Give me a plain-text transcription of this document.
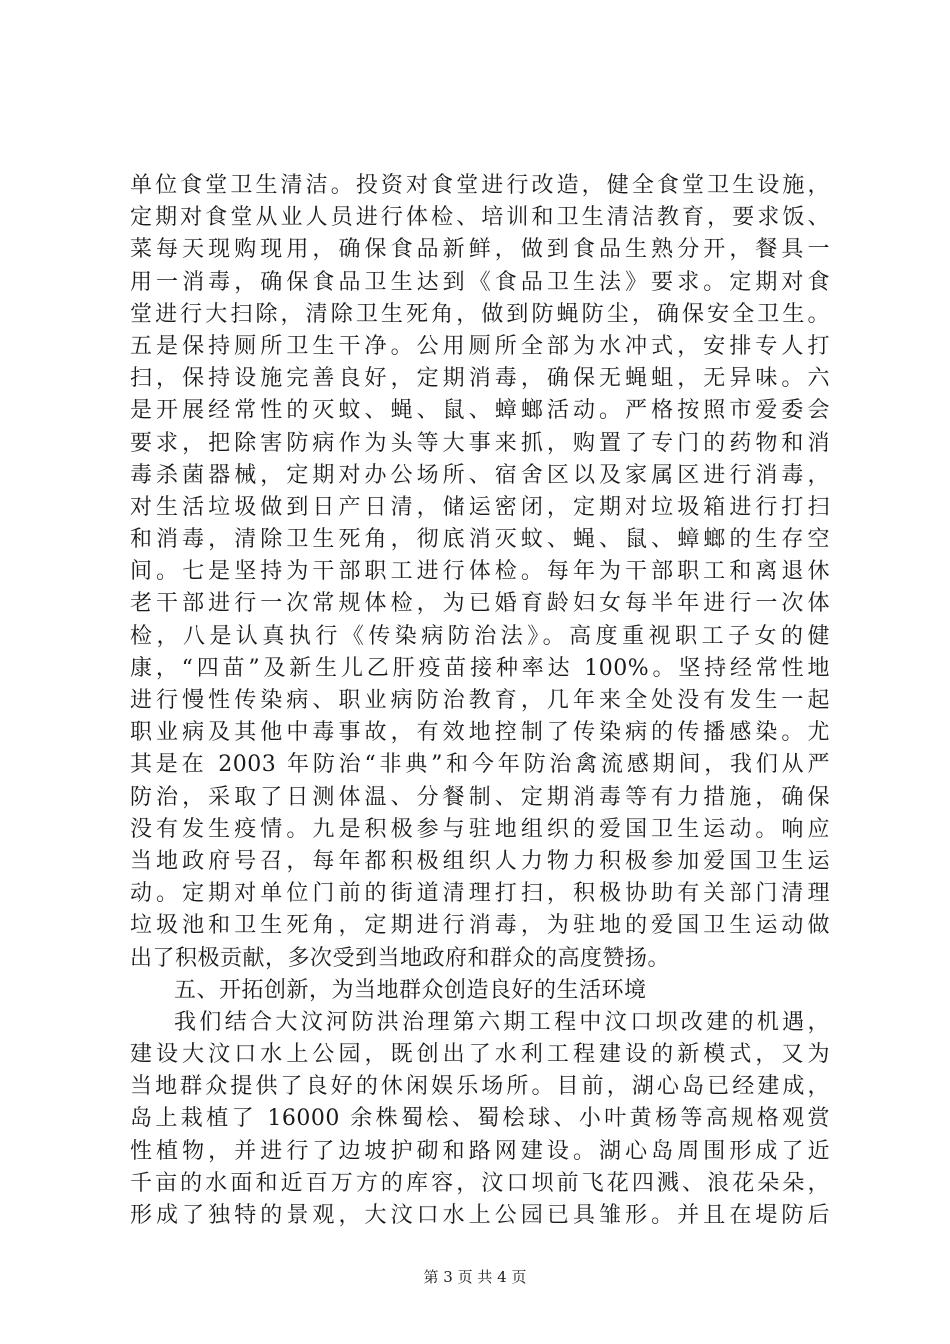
单位食堂卫生清洁。投资对食堂进行改造，健全食堂卫生设施，
定期对食堂从业人员进行体检、培训和卫生清洁教育，要求饭、
菜每天现购现用，确保食品新鲜，做到食品生熟分开，餐具一
用一消毒，确保食品卫生达到《食品卫生法》要求。定期对食
堂进行大扫除，清除卫生死角，做到防蝇防尘，确保安全卫生。
五是保持厕所卫生干净。公用厕所全部为水冲式，安排专人打
扫，保持设施完善良好，定期消毒，确保无蝇蛆，无异味。六
是开展经常性的灭蚊、蝇、鼠、蟑螂活动。严格按照市爱委会
要求，把除害防病作为头等大事来抓，购置了专门的药物和消
毒杀菌器械，定期对办公场所、宿舍区以及家属区进行消毒，
对生活垃圾做到日产日清，储运密闭，定期对垃圾箱进行打扫
和消毒，清除卫生死角，彻底消灭蚊、蝇、鼠、蟑螂的生存空
间。七是坚持为干部职工进行体检。每年为干部职工和离退休
老干部进行一次常规体检，为已婚育龄妇女每半年进行一次体
检，八是认真执行《传染病防治法》。高度重视职工子女的健
康，“四苗”及新生儿乙肝疫苗接种率达 100%。坚持经常性地
进行慢性传染病、职业病防治教育，几年来全处没有发生一起
职业病及其他中毒事故，有效地控制了传染病的传播感染。尤
其是在 2003 年防治“非典”和今年防治禽流感期间，我们从严
防治，采取了日测体温、分餐制、定期消毒等有力措施，确保
没有发生疫情。九是积极参与驻地组织的爱国卫生运动。响应
当地政府号召，每年都积极组织人力物力积极参加爱国卫生运
动。定期对单位门前的街道清理打扫，积极协助有关部门清理
垃圾池和卫生死角，定期进行消毒，为驻地的爱国卫生运动做
出了积极贡献，多次受到当地政府和群众的高度赞扬。
五、开拓创新，为当地群众创造良好的生活环境
我们结合大汶河防洪治理第六期工程中汶口坝改建的机遇，
建设大汶口水上公园，既创出了水利工程建设的新模式，又为
当地群众提供了良好的休闲娱乐场所。目前，湖心岛已经建成，
岛上栽植了 16000 余株蜀桧、蜀桧球、小叶黄杨等高规格观赏
性植物，并进行了边坡护砌和路网建设。湖心岛周围形成了近
千亩的水面和近百万方的库容，汶口坝前飞花四溅、浪花朵朵，
形成了独特的景观，大汶口水上公园已具雏形。并且在堤防后
第 3 页 共 4 页
